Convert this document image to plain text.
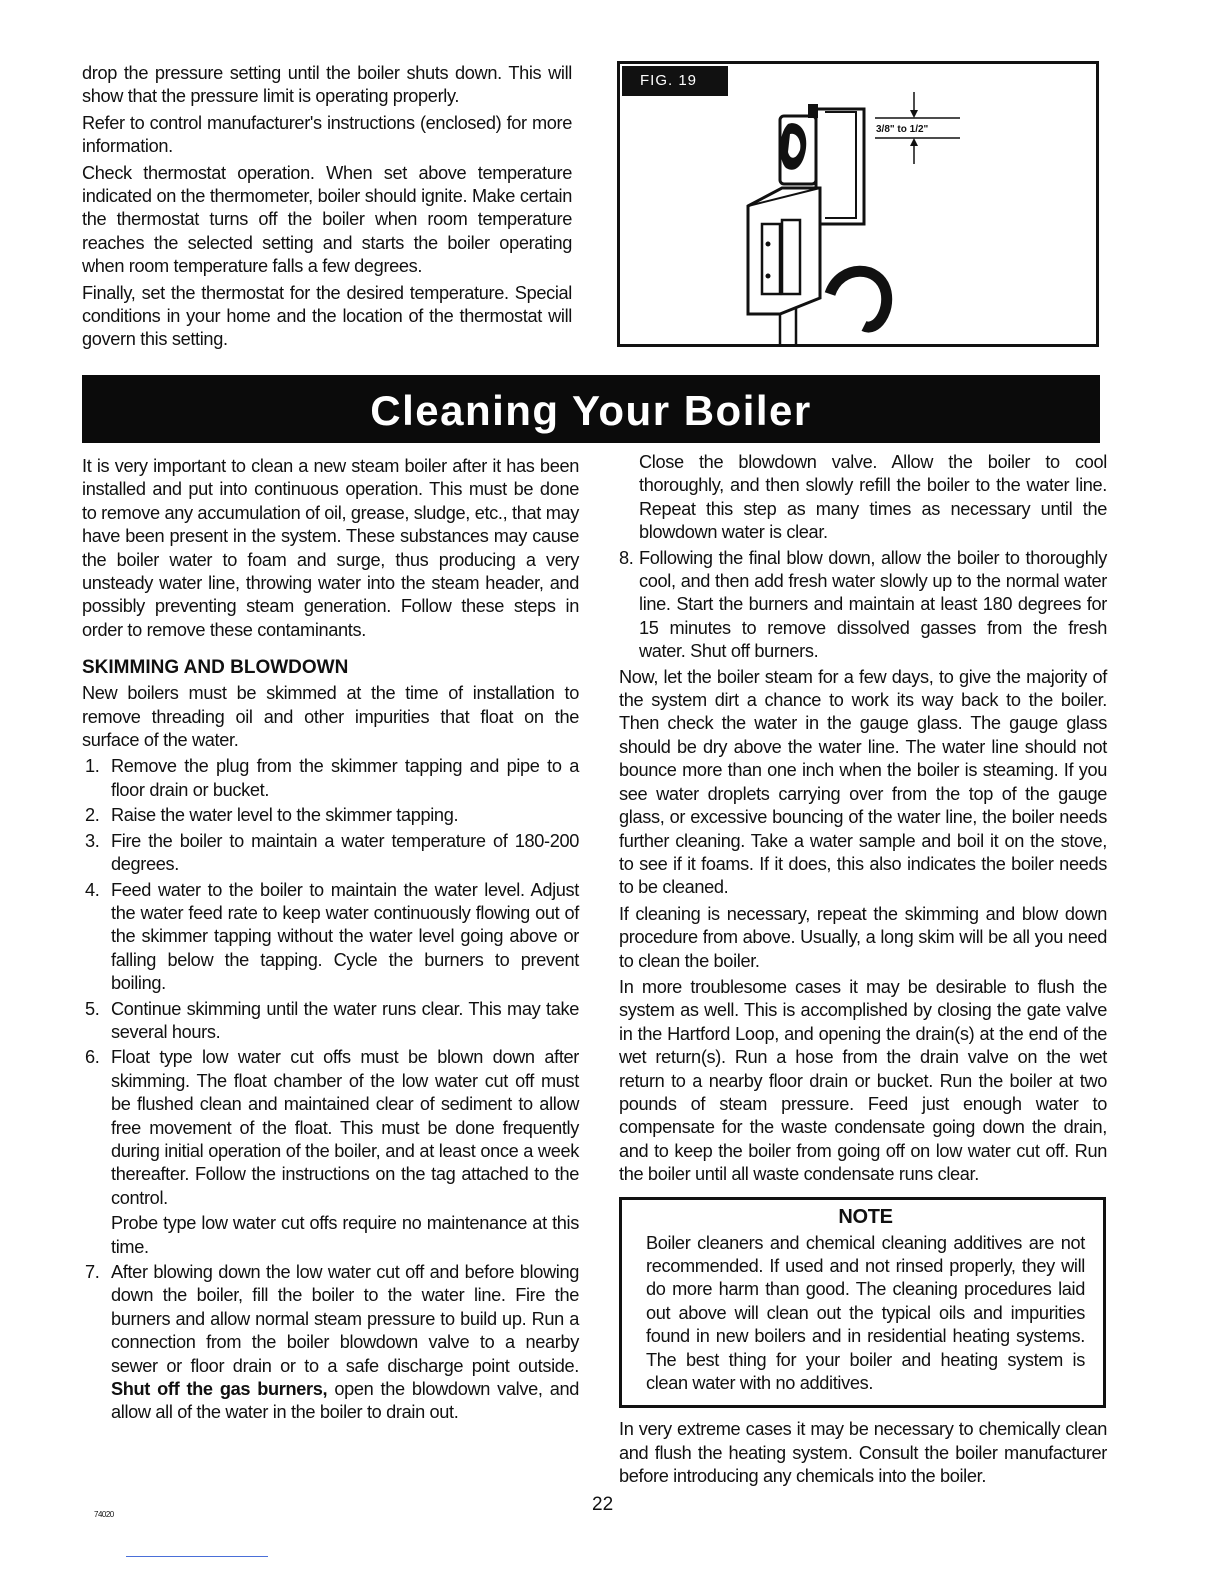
drop the pressure setting until the boiler shuts down. This will show that the pressure limit is operating properly.

Refer to control manufacturer's instructions (enclosed) for more information.

Check thermostat operation. When set above temperature indicated on the thermometer, boiler should ignite. Make certain the thermostat turns off the boiler when room temperature reaches the selected setting and starts the boiler operating when room temperature falls a few degrees.

Finally, set the thermostat for the desired temperature. Special conditions in your home and the location of the thermostat will govern this setting.

FIG. 19
3/8" to 1/2"
Cleaning Your Boiler

It is very important to clean a new steam boiler after it has been installed and put into continuous operation. This must be done to remove any accumulation of oil, grease, sludge, etc., that may have been present in the system. These substances may cause the boiler water to foam and surge, thus producing a very unsteady water line, throwing water into the steam header, and possibly preventing steam generation. Follow these steps in order to remove these contaminants.

SKIMMING AND BLOWDOWN

New boilers must be skimmed at the time of installation to remove threading oil and other impurities that float on the surface of the water.

1. Remove the plug from the skimmer tapping and pipe to a floor drain or bucket.
2. Raise the water level to the skimmer tapping.
3. Fire the boiler to maintain a water temperature of 180-200 degrees.
4. Feed water to the boiler to maintain the water level. Adjust the water feed rate to keep water continuously flowing out of the skimmer tapping without the water level going above or falling below the tapping. Cycle the burners to prevent boiling.
5. Continue skimming until the water runs clear. This may take several hours.
6. Float type low water cut offs must be blown down after skimming. The float chamber of the low water cut off must be flushed clean and maintained clear of sediment to allow free movement of the float. This must be done frequently during initial operation of the boiler, and at least once a week thereafter. Follow the instructions on the tag attached to the control.
Probe type low water cut offs require no maintenance at this time.
7. After blowing down the low water cut off and before blowing down the boiler, fill the boiler to the water line. Fire the burners and allow normal steam pressure to build up. Run a connection from the boiler blowdown valve to a nearby sewer or floor drain or to a safe discharge point outside. Shut off the gas burners, open the blowdown valve, and allow all of the water in the boiler to drain out.
Close the blowdown valve. Allow the boiler to cool thoroughly, and then slowly refill the boiler to the water line. Repeat this step as many times as necessary until the blowdown water is clear.
8. Following the final blow down, allow the boiler to thoroughly cool, and then add fresh water slowly up to the normal water line. Start the burners and maintain at least 180 degrees for 15 minutes to remove dissolved gasses from the fresh water. Shut off burners.

Now, let the boiler steam for a few days, to give the majority of the system dirt a chance to work its way back to the boiler. Then check the water in the gauge glass. The gauge glass should be dry above the water line. The water line should not bounce more than one inch when the boiler is steaming. If you see water droplets carrying over from the top of the gauge glass, or excessive bouncing of the water line, the boiler needs further cleaning. Take a water sample and boil it on the stove, to see if it foams. If it does, this also indicates the boiler needs to be cleaned.

If cleaning is necessary, repeat the skimming and blow down procedure from above. Usually, a long skim will be all you need to clean the boiler.

In more troublesome cases it may be desirable to flush the system as well. This is accomplished by closing the gate valve in the Hartford Loop, and opening the drain(s) at the end of the wet return(s). Run a hose from the drain valve on the wet return to a nearby floor drain or bucket. Run the boiler at two pounds of steam pressure. Feed just enough water to compensate for the waste condensate going down the drain, and to keep the boiler from going off on low water cut off. Run the boiler until all waste condensate runs clear.

NOTE

Boiler cleaners and chemical cleaning additives are not recommended. If used and not rinsed properly, they will do more harm than good. The cleaning procedures laid out above will clean out the typical oils and impurities found in new boilers and in residential heating systems. The best thing for your boiler and heating system is clean water with no additives.

In very extreme cases it may be necessary to chemically clean and flush the heating system. Consult the boiler manufacturer before introducing any chemicals into the boiler.

74020	22
